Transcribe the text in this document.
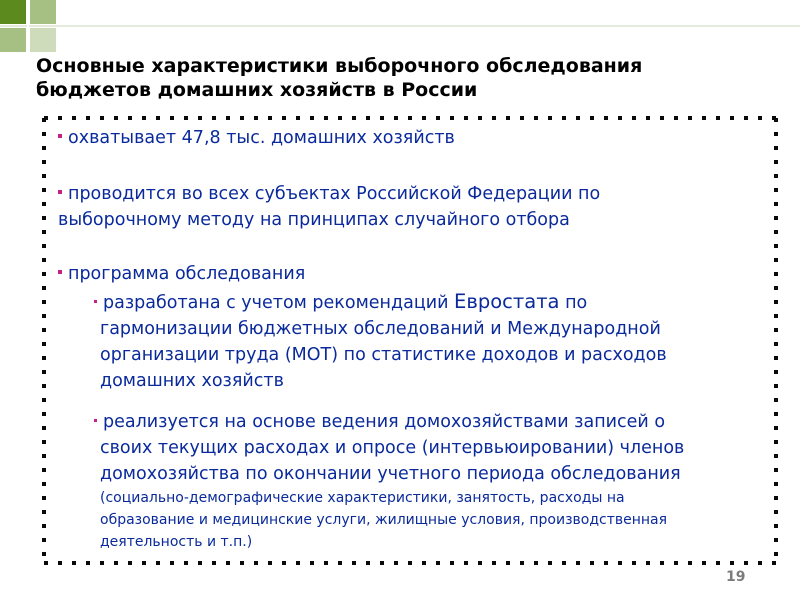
Основные характеристики выборочного обследования
бюджетов домашних хозяйств в России
охватывает 47,8 тыс. домашних хозяйств
проводится во всех субъектах Российской Федерации по
выборочному методу на принципах случайного отбора
программа обследования
разработана с учетом рекомендаций Евростата по
гармонизации бюджетных обследований и Международной
организации труда (МОТ) по статистике доходов и расходов
домашних хозяйств
реализуется на основе ведения домохозяйствами записей о
своих текущих расходах и опросе (интервьюировании) членов
домохозяйства по окончании учетного периода обследования
(социально-демографические характеристики, занятость, расходы на
образование и медицинские услуги, жилищные условия, производственная
деятельность и т.п.)
19
